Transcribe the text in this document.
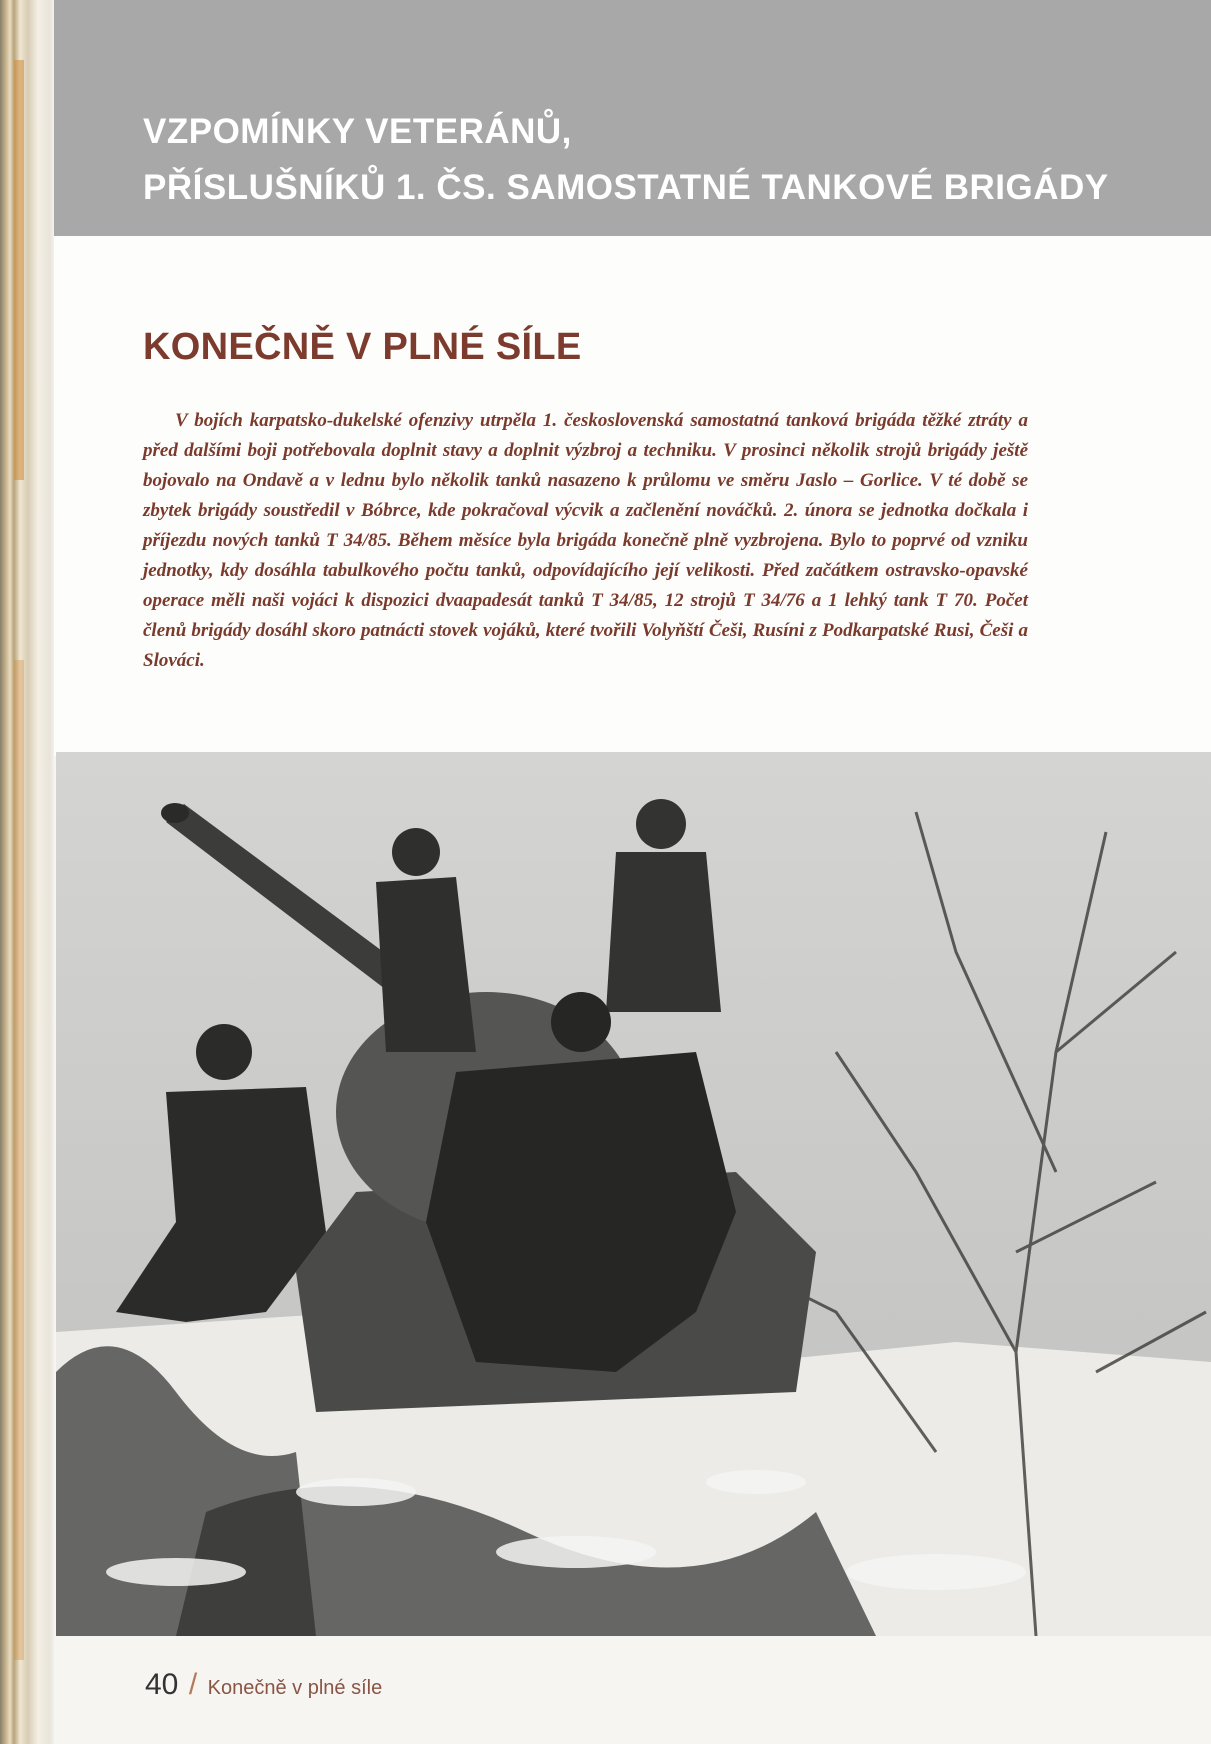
VZPOMÍNKY VETERÁNŮ,
PŘÍSLUŠNÍKŮ 1. ČS. SAMOSTATNÉ TANKOVÉ BRIGÁDY
KONEČNĚ V PLNÉ SÍLE

V bojích karpatsko-dukelské ofenzivy utrpěla 1. československá samostatná tanková brigáda těžké ztráty a před dalšími boji potřebovala doplnit stavy a doplnit výzbroj a techniku. V prosinci několik strojů brigády ještě bojovalo na Ondavě a v lednu bylo několik tanků nasazeno k průlomu ve směru Jaslo – Gorlice. V té době se zbytek brigády soustředil v Bóbrce, kde pokračoval výcvik a začlenění nováčků. 2. února se jednotka dočkala i příjezdu nových tanků T 34/85. Během měsíce byla brigáda konečně plně vyzbrojena. Bylo to poprvé od vzniku jednotky, kdy dosáhla tabulkového počtu tanků, odpovídajícího její velikosti. Před začátkem ostravsko-opavské operace měli naši vojáci k dispozici dvaapadesát tanků T 34/85, 12 strojů T 34/76 a 1 lehký tank T 70. Počet členů brigády dosáhl skoro patnácti stovek vojáků, které tvořili Volyňští Češi, Rusíni z Podkarpatské Rusi, Češi a Slováci.

40 / Konečně v plné síle
